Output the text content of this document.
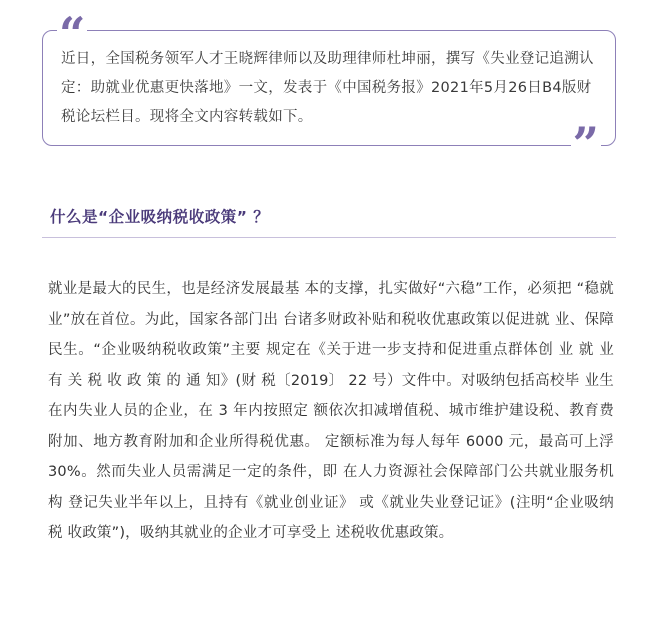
“
近日，全国税务领军人才王晓辉律师以及助理律师杜坤丽，撰写《失业登记追溯认定：助就业优惠更快落地》一文，发表于《中国税务报》2021年5月26日B4版财税论坛栏目。现将全文内容转载如下。	”
什么是“企业吸纳税收政策” ？
就业是最大的民生，也是经济发展最基 本的支撑，扎实做好“六稳”工作，必须把 “稳就业”放在首位。为此，国家各部门出 台诸多财政补贴和税收优惠政策以促进就 业、保障民生。“企业吸纳税收政策”主要 规定在《关于进一步支持和促进重点群体创 业 就 业 有 关 税 收 政 策 的 通 知》(财 税〔2019〕 22 号）文件中。对吸纳包括高校毕 业生在内失业人员的企业，在 3 年内按照定 额依次扣减增值税、城市维护建设税、教育费附加、地方教育附加和企业所得税优惠。 定额标准为每人每年 6000 元，最高可上浮 30%。然而失业人员需满足一定的条件，即 在人力资源社会保障部门公共就业服务机构 登记失业半年以上，且持有《就业创业证》 或《就业失业登记证》(注明“企业吸纳税 收政策”)，吸纳其就业的企业才可享受上 述税收优惠政策。
